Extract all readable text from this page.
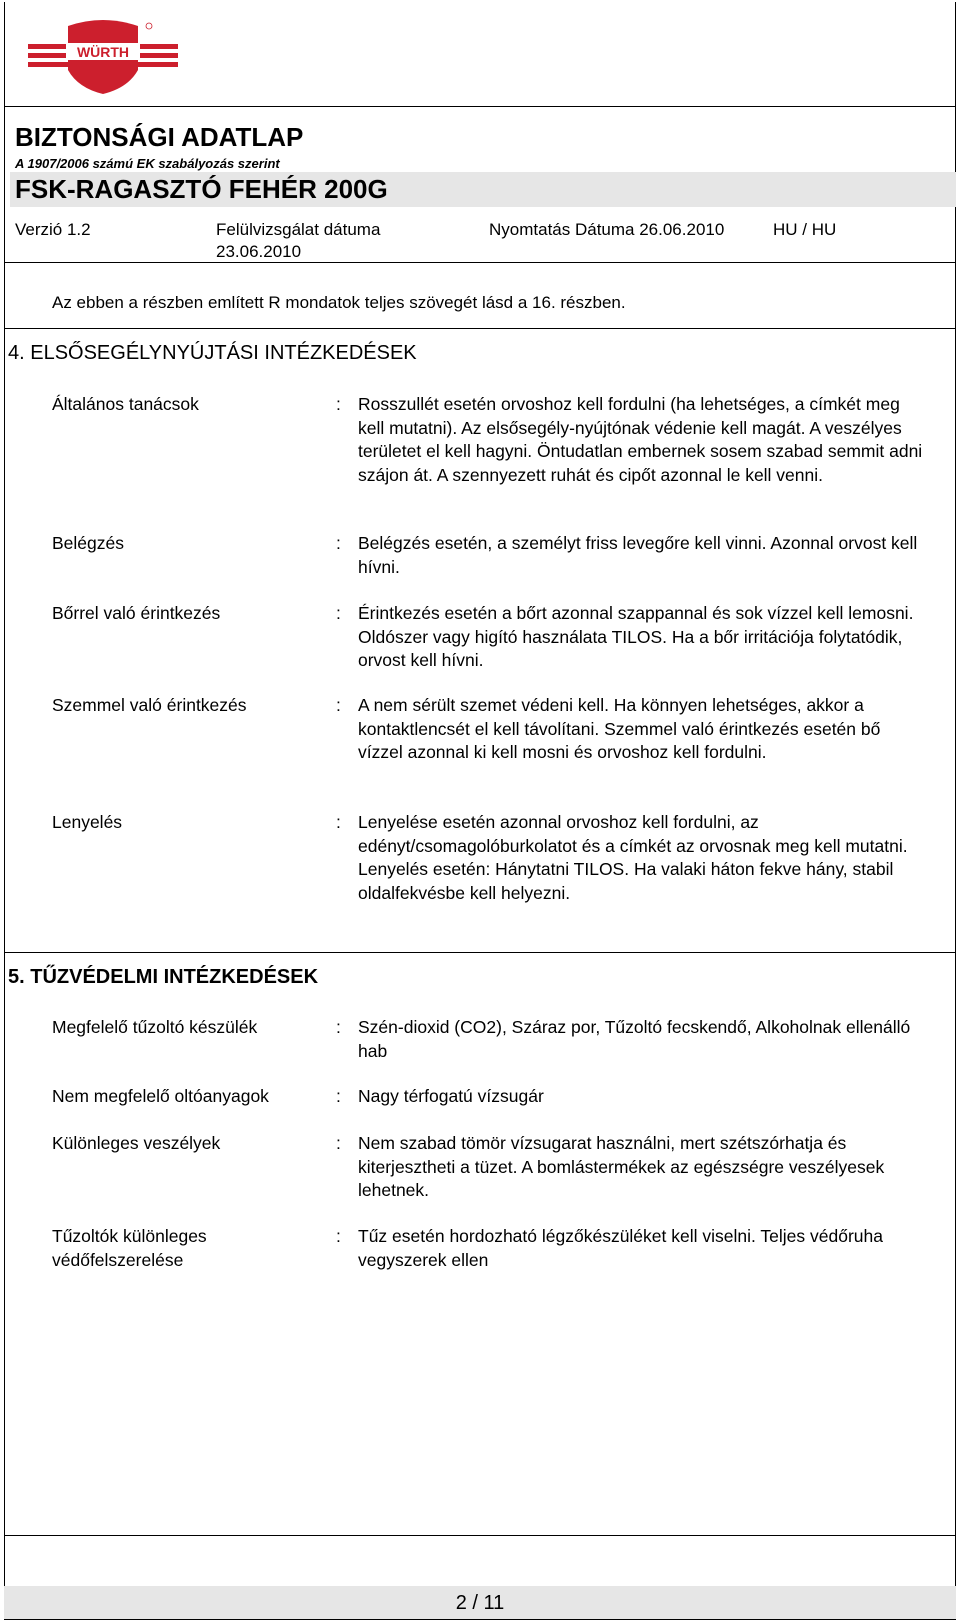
WÜRTH
BIZTONSÁGI ADATLAP
A 1907/2006 számú EK szabályozás szerint
FSK-RAGASZTÓ FEHÉR 200G
Verzió 1.2	Felülvizsgálat dátuma
23.06.2010
Nyomtatás Dátuma 26.06.2010	HU / HU
Az ebben a részben említett R mondatok teljes szövegét lásd a 16. részben.
4. ELSŐSEGÉLYNYÚJTÁSI INTÉZKEDÉSEK
Általános tanácsok	: Rosszullét esetén orvoshoz kell fordulni (ha lehetséges, a címkét meg kell mutatni). Az elsősegély-nyújtónak védenie kell magát. A veszélyes területet el kell hagyni. Öntudatlan embernek sosem szabad semmit adni szájon át. A szennyezett ruhát és cipőt azonnal le kell venni.
Belégzés	: Belégzés esetén, a személyt friss levegőre kell vinni. Azonnal orvost kell hívni.
Bőrrel való érintkezés	: Érintkezés esetén a bőrt azonnal szappannal és sok vízzel kell lemosni. Oldószer vagy higító használata TILOS. Ha a bőr irritációja folytatódik, orvost kell hívni.
Szemmel való érintkezés	: A nem sérült szemet védeni kell. Ha könnyen lehetséges, akkor a kontaktlencsét el kell távolítani. Szemmel való érintkezés esetén bő vízzel azonnal ki kell mosni és orvoshoz kell fordulni.
Lenyelés	: Lenyelése esetén azonnal orvoshoz kell fordulni, az edényt/csomagolóburkolatot és a címkét az orvosnak meg kell mutatni. Lenyelés esetén: Hánytatni TILOS. Ha valaki háton fekve hány, stabil oldalfekvésbe kell helyezni.
5. TŰZVÉDELMI INTÉZKEDÉSEK
Megfelelő tűzoltó készülék	: Szén-dioxid (CO2), Száraz por, Tűzoltó fecskendő, Alkoholnak ellenálló hab
Nem megfelelő oltóanyagok	: Nagy térfogatú vízsugár
Különleges veszélyek	: Nem szabad tömör vízsugarat használni, mert szétszórhatja és kiterjesztheti a tüzet. A bomlástermékek az egészségre veszélyesek lehetnek.
Tűzoltók különleges védőfelszerelése
: Tűz esetén hordozható légzőkészüléket kell viselni. Teljes védőruha vegyszerek ellen
2 / 11
